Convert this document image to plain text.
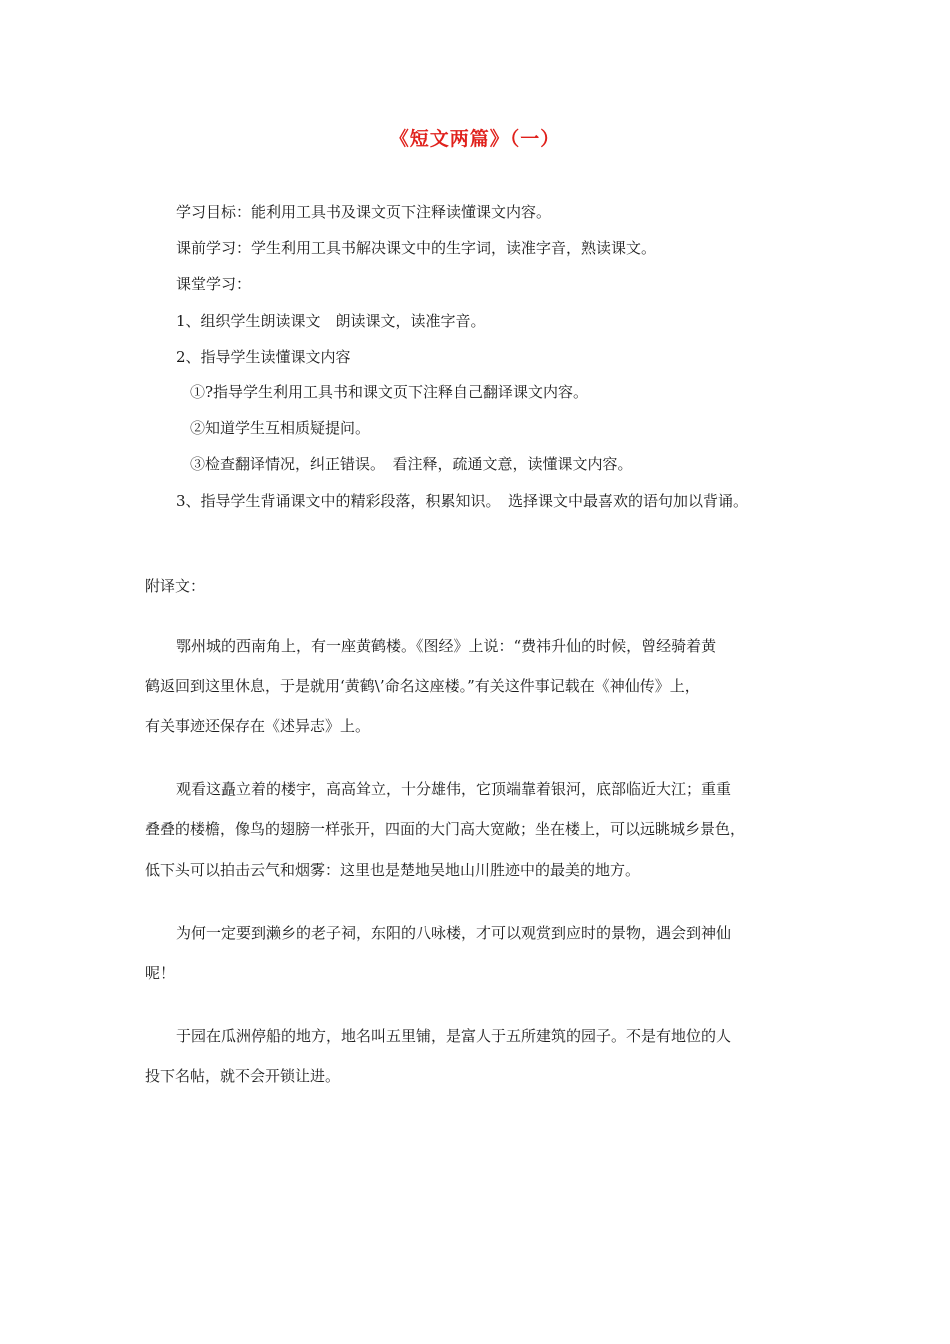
《短文两篇》（一）
学习目标：能利用工具书及课文页下注释读懂课文内容。
课前学习：学生利用工具书解决课文中的生字词，读准字音，熟读课文。
课堂学习：
1、组织学生朗读课文　朗读课文，读准字音。
2、指导学生读懂课文内容
①?指导学生利用工具书和课文页下注释自己翻译课文内容。
②知道学生互相质疑提问。
③检查翻译情况，纠正错误。　看注释，疏通文意，读懂课文内容。
3、指导学生背诵课文中的精彩段落，积累知识。　选择课文中最喜欢的语句加以背诵。
附译文：
鄂州城的西南角上，有一座黄鹤楼。《图经》上说：“费祎升仙的时候，曾经骑着黄
鹤返回到这里休息，于是就用‘黄鹤\’命名这座楼。”有关这件事记载在《神仙传》上，
有关事迹还保存在《述异志》上。
观看这矗立着的楼宇，高高耸立，十分雄伟，它顶端靠着银河，底部临近大江；重重
叠叠的楼檐，像鸟的翅膀一样张开，四面的大门高大宽敞；坐在楼上，可以远眺城乡景色，
低下头可以拍击云气和烟雾：这里也是楚地吴地山川胜迹中的最美的地方。
为何一定要到濑乡的老子祠，东阳的八咏楼，才可以观赏到应时的景物，遇会到神仙
呢！
于园在瓜洲停船的地方，地名叫五里铺，是富人于五所建筑的园子。不是有地位的人
投下名帖，就不会开锁让进。
